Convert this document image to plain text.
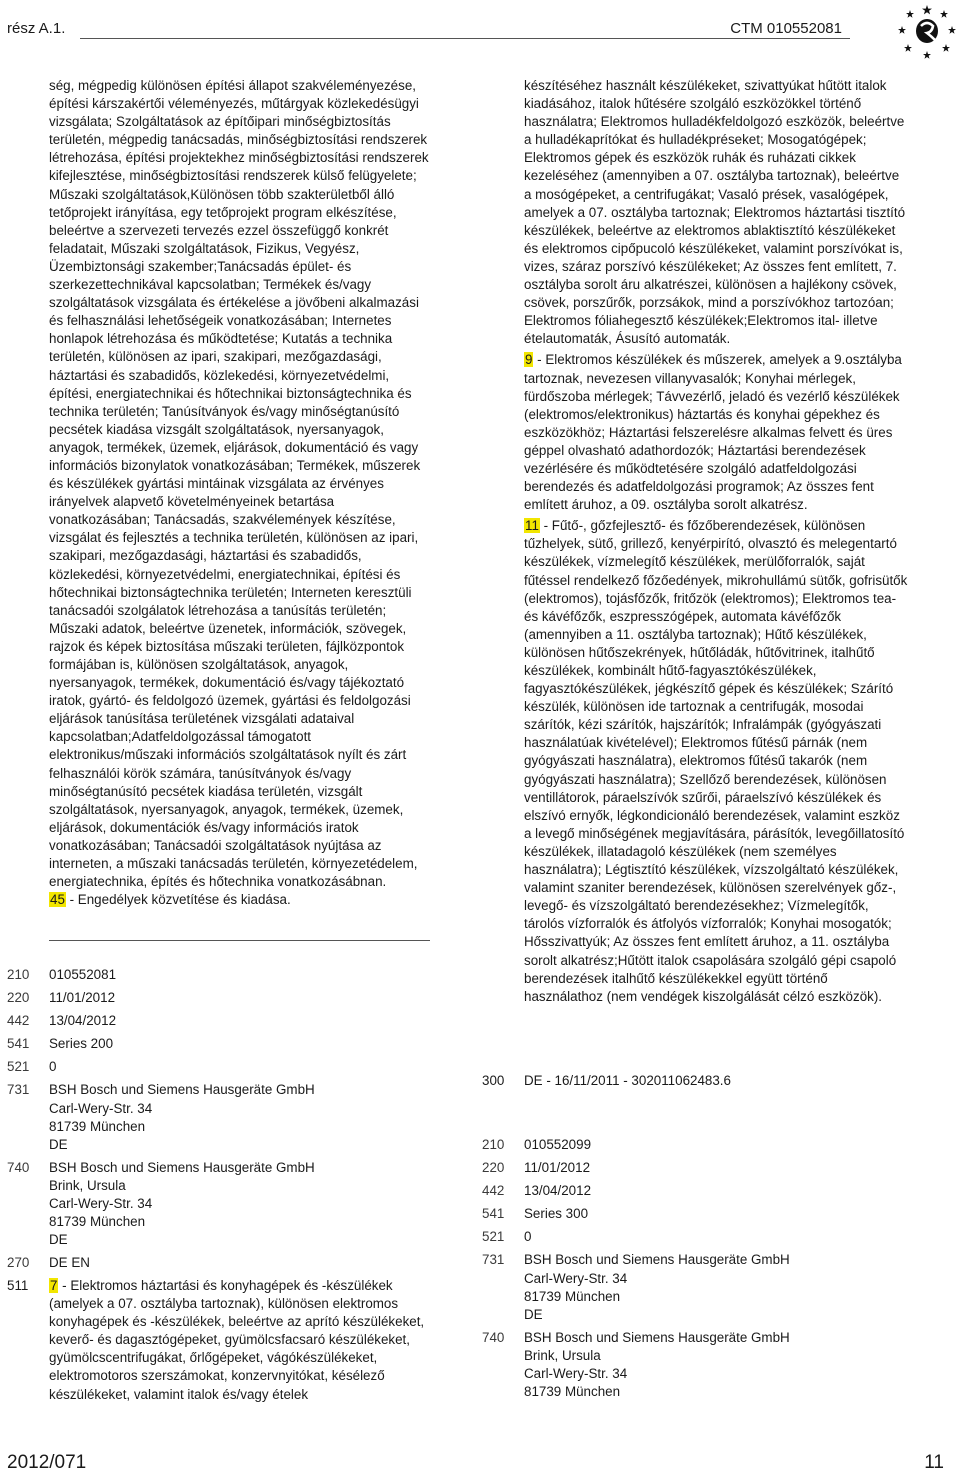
rész A.1.	CTM 010552081

ség, mégpedig különösen építési állapot szakvéleményezése, építési kárszakértői véleményezés, műtárgyak közlekedésügyi vizsgálata; Szolgáltatások az építőipari minőségbiztosítás területén, mégpedig tanácsadás, minőségbiztosítási rendszerek létrehozása, építési projektekhez minőségbiztosítási rendszerek kifejlesztése, minőségbiztosítási rendszerek külső felügyelete; Műszaki szolgáltatások,Különösen több szakterületből álló tetőprojekt irányítása, egy tetőprojekt program elkészítése, beleértve a szervezeti tervezés ezzel összefüggő konkrét feladatait, Műszaki szolgáltatások, Fizikus, Vegyész, Üzembiztonsági szakember;Tanácsadás épület- és szerkezettechnikával kapcsolatban; Termékek és/vagy szolgáltatások vizsgálata és értékelése a jövőbeni alkalmazási és felhasználási lehetőségeik vonatkozásában; Internetes honlapok létrehozása és működtetése; Kutatás a technika területén, különösen az ipari, szakipari, mezőgazdasági, háztartási és szabadidős, közlekedési, környezetvédelmi, építési, energiatechnikai és hőtechnikai biztonságtechnika és technika területén; Tanúsítványok és/vagy minőségtanúsító pecsétek kiadása vizsgált szolgáltatások, nyersanyagok, anyagok, termékek, üzemek, eljárások, dokumentáció és vagy információs bizonylatok vonatkozásában; Termékek, műszerek és készülékek gyártási mintáinak vizsgálata az érvényes irányelvek alapvető követelményeinek betartása vonatkozásában; Tanácsadás, szakvélemények készítése, vizsgálat és fejlesztés a technika területén, különösen az ipari, szakipari, mezőgazdasági, háztartási és szabadidős, közlekedési, környezetvédelmi, energiatechnikai, építési és hőtechnikai biztonságtechnika területén; Interneten keresztüli tanácsadói szolgálatok létrehozása a tanúsítás területén; Műszaki adatok, beleértve üzenetek, információk, szövegek, rajzok és képek biztosítása műszaki területen, fájlközpontok formájában is, különösen szolgáltatások, anyagok, nyersanyagok, termékek, dokumentáció és/vagy tájékoztató iratok, gyártó- és feldolgozó üzemek, gyártási és feldolgozási eljárások tanúsítása területének vizsgálati adataival kapcsolatban;Adatfeldolgozással támogatott elektronikus/műszaki információs szolgáltatások nyílt és zárt felhasználói körök számára, tanúsítványok és/vagy minőségtanúsító pecsétek kiadása területén, vizsgált szolgáltatások, nyersanyagok, anyagok, termékek, üzemek, eljárások, dokumentációk és/vagy információs iratok vonatkozásában; Tanácsadói szolgáltatások nyújtása az interneten, a műszaki tanácsadás területén, környezetédelem, energiatechnika, építés és hőtechnika vonatkozásábnan.

45 - Engedélyek közvetítése és kiadása.

210	010552081
220	11/01/2012
442	13/04/2012
541	Series 200
521	0
731	BSH Bosch und Siemens Hausgeräte GmbH
Carl-Wery-Str. 34
81739 München
DE
740	BSH Bosch und Siemens Hausgeräte GmbH
Brink, Ursula
Carl-Wery-Str. 34
81739 München
DE
270	DE EN
511 7 - Elektromos háztartási és konyhagépek és -készülékek (amelyek a 07. osztályba tartoznak), különösen elektromos konyhagépek és -készülékek, beleértve az aprító készülékeket, keverő- és dagasztógépeket, gyümölcsfacsaró készülékeket, gyümölcscentrifugákat, őrlőgépeket, vágókészülékeket, elektromotoros szerszámokat, konzervnyitókat, késélező készülékeket, valamint italok és/vagy ételek

készítéséhez használt készülékeket, szivattyúkat hűtött italok kiadásához, italok hűtésére szolgáló eszközökkel történő használatra; Elektromos hulladékfeldolgozó eszközök, beleértve a hulladékaprítókat és hulladékpréseket; Mosogatógépek; Elektromos gépek és eszközök ruhák és ruházati cikkek kezeléséhez (amennyiben a 07. osztályba tartoznak), beleértve a mosógépeket, a centrifugákat; Vasaló prések, vasalógépek, amelyek a 07. osztályba tartoznak; Elektromos háztartási tisztító készülékek, beleértve az elektromos ablaktisztító készülékeket és elektromos cipőpucoló készülékeket, valamint porszívókat is, vizes, száraz porszívó készülékeket; Az összes fent említett, 7. osztályba sorolt áru alkatrészei, különösen a hajlékony csövek, csövek, porszűrők, porzsákok, mind a porszívókhoz tartozóan; Elektromos fóliahegesztő készülékek;Elektromos ital- illetve ételautomaták, Ásusító automaták.

9 - Elektromos készülékek és műszerek, amelyek a 9.osztályba tartoznak, nevezesen villanyvasalók; Konyhai mérlegek, fürdőszoba mérlegek; Távvezérlő, jeladó és vezérlő készülékek (elektromos/elektronikus) háztartás és konyhai gépekhez és eszközökhöz; Háztartási felszerelésre alkalmas felvett és üres géppel olvasható adathordozók; Háztartási berendezések vezérlésére és működtetésére szolgáló adatfeldolgozási berendezés és adatfeldolgozási programok; Az összes fent említett áruhoz, a 09. osztályba sorolt alkatrész.

11 - Fűtő-, gőzfejlesztő- és főzőberendezések, különösen tűzhelyek, sütő, grillező, kenyérpirító, olvasztó és melegentartó készülékek, vízmelegítő készülékek, merülőforralók, saját fűtéssel rendelkező főzőedények, mikrohullámú sütők, gofrisütők (elektromos), tojásfőzők, fritőzök (elektromos); Elektromos tea- és kávéfőzők, eszpresszógépek, automata kávéfőzők (amennyiben a 11. osztályba tartoznak); Hűtő készülékek, különösen hűtőszekrények, hűtőládák, hűtővitrinek, italhűtő készülékek, kombinált hűtő-fagyasztókészülékek, fagyasztókészülékek, jégkészítő gépek és készülékek; Szárító készülék, különösen ide tartoznak a centrifugák, mosodai szárítók, kézi szárítók, hajszárítók; Infralámpák (gyógyászati használatúak kivételével); Elektromos fűtésű párnák (nem gyógyászati használatra), elektromos fűtésű takarók (nem gyógyászati használatra); Szellőző berendezések, különösen ventillátorok, páraelszívók szűrői, páraelszívó készülékek és elszívó ernyők, légkondicionáló berendezések, valamint eszköz a levegő minőségének megjavítására, párásítók, levegőillatosító készülékek, illatadagoló készülékek (nem személyes használatra); Légtisztító készülékek, vízszolgáltató készülékek, valamint szaniter berendezések, különösen szerelvények gőz-, levegő- és vízszolgáltató berendezésekhez; Vízmelegítők, tárolós vízforralók és átfolyós vízforralók; Konyhai mosogatók; Hősszivattyúk; Az összes fent említett áruhoz, a 11. osztályba sorolt alkatrész;Hűtött italok csapolására szolgáló gépi csapoló berendezések italhűtő készülékekkel együtt történő használathoz (nem vendégek kiszolgálását célzó eszközök).

300	DE - 16/11/2011 - 302011062483.6
210	010552099
220	11/01/2012
442	13/04/2012
541	Series 300
521	0
731	BSH Bosch und Siemens Hausgeräte GmbH
Carl-Wery-Str. 34
81739 München
DE
740	BSH Bosch und Siemens Hausgeräte GmbH
Brink, Ursula
Carl-Wery-Str. 34
81739 München
2012/071	11
